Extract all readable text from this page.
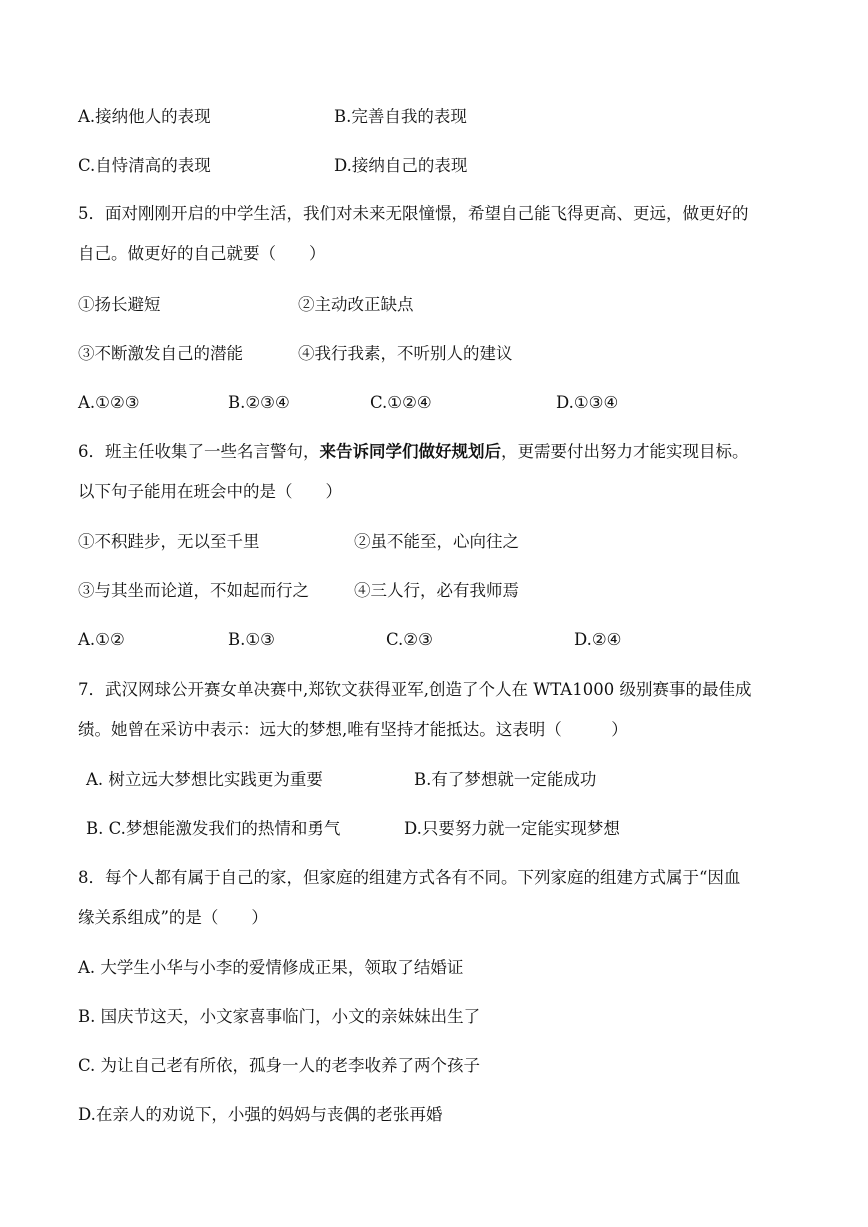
A.接纳他人的表现	B.完善自我的表现
C.自恃清高的表现	D.接纳自己的表现
5．面对刚刚开启的中学生活，我们对未来无限憧憬，希望自己能飞得更高、更远，做更好的
自己。做更好的自己就要（　　）
①扬长避短	②主动改正缺点
③不断激发自己的潜能	④我行我素，不听别人的建议
A.①②③	B.②③④	C.①②④	D.①③④
6．班主任收集了一些名言警句，来告诉同学们做好规划后，更需要付出努力才能实现目标。
以下句子能用在班会中的是（　　）
①不积跬步，无以至千里	②虽不能至，心向往之
③与其坐而论道，不如起而行之	④三人行，必有我师焉
A.①②	B.①③	C.②③	D.②④
7．武汉网球公开赛女单决赛中,郑钦文获得亚军,创造了个人在 WTA1000 级别赛事的最佳成
绩。她曾在采访中表示：远大的梦想,唯有坚持才能抵达。这表明（　　　）
A. 树立远大梦想比实践更为重要	B.有了梦想就一定能成功
B. C.梦想能激发我们的热情和勇气	D.只要努力就一定能实现梦想
8．每个人都有属于自己的家，但家庭的组建方式各有不同。下列家庭的组建方式属于“因血
缘关系组成”的是（　　）
A. 大学生小华与小李的爱情修成正果，领取了结婚证
B. 国庆节这天，小文家喜事临门，小文的亲妹妹出生了
C. 为让自己老有所依，孤身一人的老李收养了两个孩子
D.在亲人的劝说下，小强的妈妈与丧偶的老张再婚
